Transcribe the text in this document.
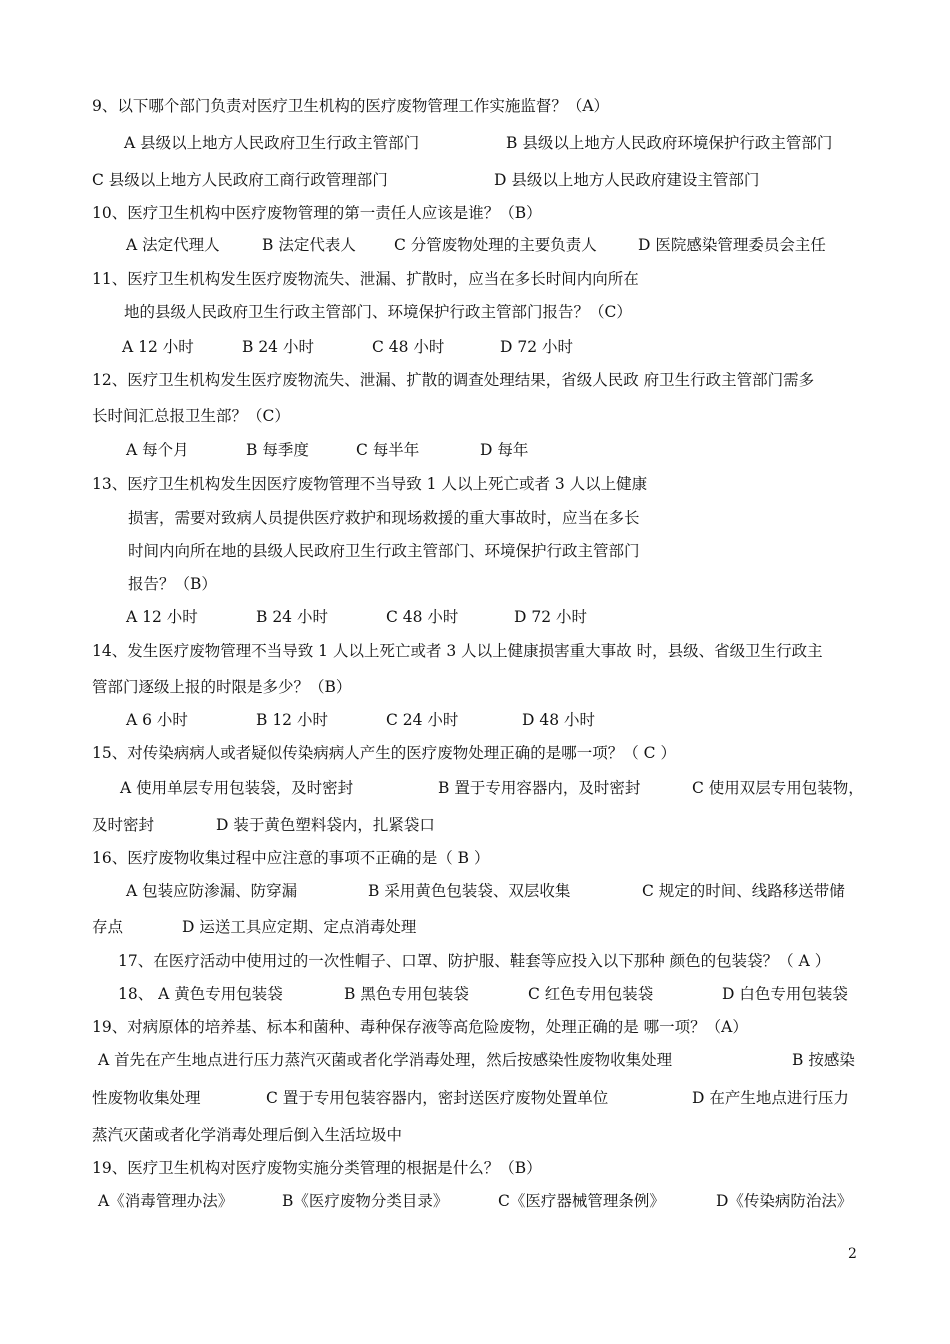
9、以下哪个部门负责对医疗卫生机构的医疗废物管理工作实施监督？（A）
A 县级以上地方人民政府卫生行政主管部门	B 县级以上地方人民政府环境保护行政主管部门
C 县级以上地方人民政府工商行政管理部门	D 县级以上地方人民政府建设主管部门
10、医疗卫生机构中医疗废物管理的第一责任人应该是谁？（B）
A 法定代理人	B 法定代表人 C 分管废物处理的主要负责人	D 医院感染管理委员会主任
11、医疗卫生机构发生医疗废物流失、泄漏、扩散时，应当在多长时间内向所在
地的县级人民政府卫生行政主管部门、环境保护行政主管部门报告？（C）
A 12 小时	B 24 小时	C 48 小时	D 72 小时
12、医疗卫生机构发生医疗废物流失、泄漏、扩散的调查处理结果，省级人民政 府卫生行政主管部门需多
长时间汇总报卫生部？（C）
A 每个月	B 每季度	C 每半年	D 每年
13、医疗卫生机构发生因医疗废物管理不当导致 1 人以上死亡或者 3 人以上健康
损害，需要对致病人员提供医疗救护和现场救援的重大事故时，应当在多长
时间内向所在地的县级人民政府卫生行政主管部门、环境保护行政主管部门
报告？（B）
A 12 小时	B 24 小时	C 48 小时	D 72 小时
14、发生医疗废物管理不当导致 1 人以上死亡或者 3 人以上健康损害重大事故 时，县级、省级卫生行政主
管部门逐级上报的时限是多少？（B）
A 6 小时	B 12 小时	C 24 小时	D 48 小时
15、对传染病病人或者疑似传染病病人产生的医疗废物处理正确的是哪一项？（ C ）
A 使用单层专用包装袋，及时密封	B 置于专用容器内，及时密封	C 使用双层专用包装物，
及时密封	D 装于黄色塑料袋内，扎紧袋口
16、医疗废物收集过程中应注意的事项不正确的是（ B ）
A 包装应防渗漏、防穿漏	B 采用黄色包装袋、双层收集	C 规定的时间、线路移送带储
存点	D 运送工具应定期、定点消毒处理
17、在医疗活动中使用过的一次性帽子、口罩、防护服、鞋套等应投入以下那种 颜色的包装袋？（ A ）
18、 A 黄色专用包装袋	B 黑色专用包装袋	C 红色专用包装袋	D 白色专用包装袋
19、对病原体的培养基、标本和菌种、毒种保存液等高危险废物，处理正确的是 哪一项？（A）
A 首先在产生地点进行压力蒸汽灭菌或者化学消毒处理，然后按感染性废物收集处理	B 按感染
性废物收集处理	C 置于专用包装容器内，密封送医疗废物处置单位	D 在产生地点进行压力
蒸汽灭菌或者化学消毒处理后倒入生活垃圾中
19、医疗卫生机构对医疗废物实施分类管理的根据是什么？（B）
A《消毒管理办法》	B《医疗废物分类目录》	C《医疗器械管理条例》	D《传染病防治法》
2
